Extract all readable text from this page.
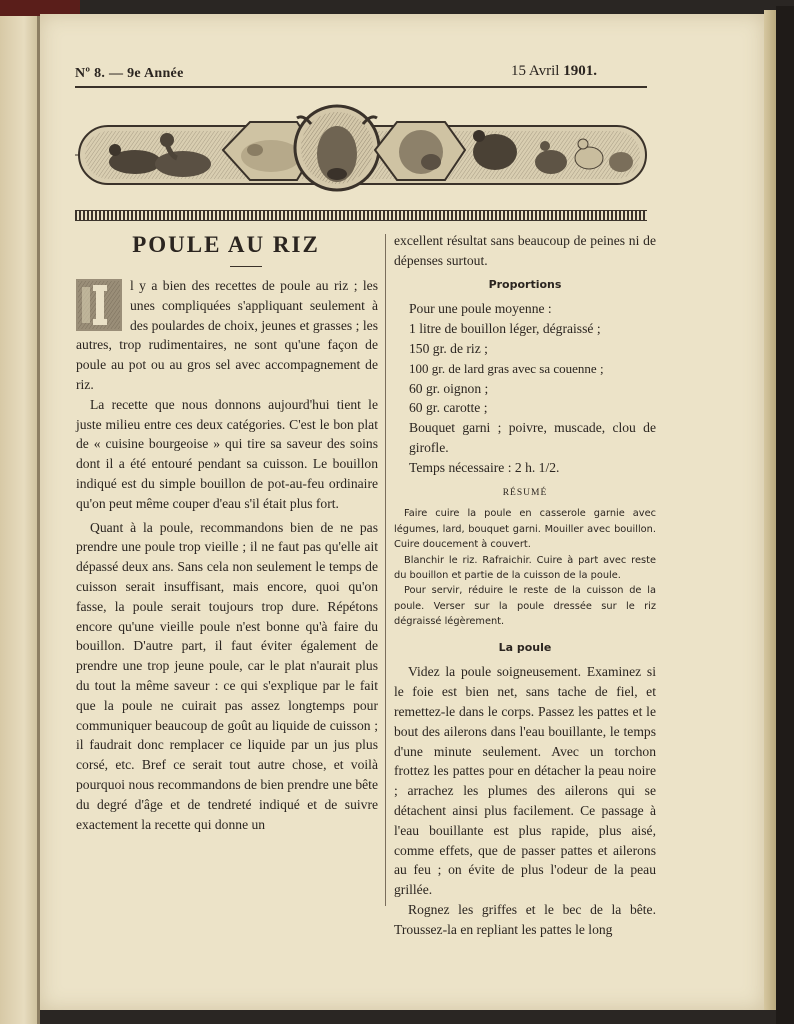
Nº 8. — 9e Année	15 Avril 1901.
POULE AU RIZ

l y a bien des recettes de poule au riz ; les unes compliquées s'appliquant seulement à des poulardes de choix, jeunes et grasses ; les autres, trop rudimentaires, ne sont qu'une façon de poule au pot ou au gros sel avec accompagnement de riz.

La recette que nous donnons aujourd'hui tient le juste milieu entre ces deux catégories. C'est le bon plat de « cuisine bourgeoise » qui tire sa saveur des soins dont il a été entouré pendant sa cuisson. Le bouillon indiqué est du simple bouillon de pot-au-feu ordinaire qu'on peut même couper d'eau s'il était plus fort.

Quant à la poule, recommandons bien de ne pas prendre une poule trop vieille ; il ne faut pas qu'elle ait dépassé deux ans. Sans cela non seulement le temps de cuisson serait insuffisant, mais encore, quoi qu'on fasse, la poule serait toujours trop dure. Répétons encore qu'une vieille poule n'est bonne qu'à faire du bouillon. D'autre part, il faut éviter également de prendre une trop jeune poule, car le plat n'aurait plus du tout la même saveur : ce qui s'explique par le fait que la poule ne cuirait pas assez longtemps pour communiquer beaucoup de goût au liquide de cuisson ; il faudrait donc remplacer ce liquide par un jus plus corsé, etc. Bref ce serait tout autre chose, et voilà pourquoi nous recommandons de bien prendre une bête du degré d'âge et de tendreté indiqué et de suivre exactement la recette qui donne un

excellent résultat sans beaucoup de peines ni de dépenses surtout.

Proportions

Pour une poule moyenne :

1 litre de bouillon léger, dégraissé ;

150 gr. de riz ;

100 gr. de lard gras avec sa couenne ;

60 gr. oignon ;

60 gr. carotte ;

Bouquet garni ; poivre, muscade, clou de girofle.

Temps nécessaire : 2 h. 1/2.

RÉSUMÉ

Faire cuire la poule en casserole garnie avec légumes, lard, bouquet garni. Mouiller avec bouillon. Cuire doucement à couvert.

Blanchir le riz. Rafraichir. Cuire à part avec reste du bouillon et partie de la cuisson de la poule.

Pour servir, réduire le reste de la cuisson de la poule. Verser sur la poule dressée sur le riz dégraissé légèrement.

La poule

Videz la poule soigneusement. Examinez si le foie est bien net, sans tache de fiel, et remettez-le dans le corps. Passez les pattes et le bout des ailerons dans l'eau bouillante, le temps d'une minute seulement. Avec un torchon frottez les pattes pour en détacher la peau noire ; arrachez les plumes des ailerons qui se détachent ainsi plus facilement. Ce passage à l'eau bouillante est plus rapide, plus aisé, comme effets, que de passer pattes et ailerons au feu ; on évite de plus l'odeur de la peau grillée.

Rognez les griffes et le bec de la bête. Troussez-la en repliant les pattes le long
